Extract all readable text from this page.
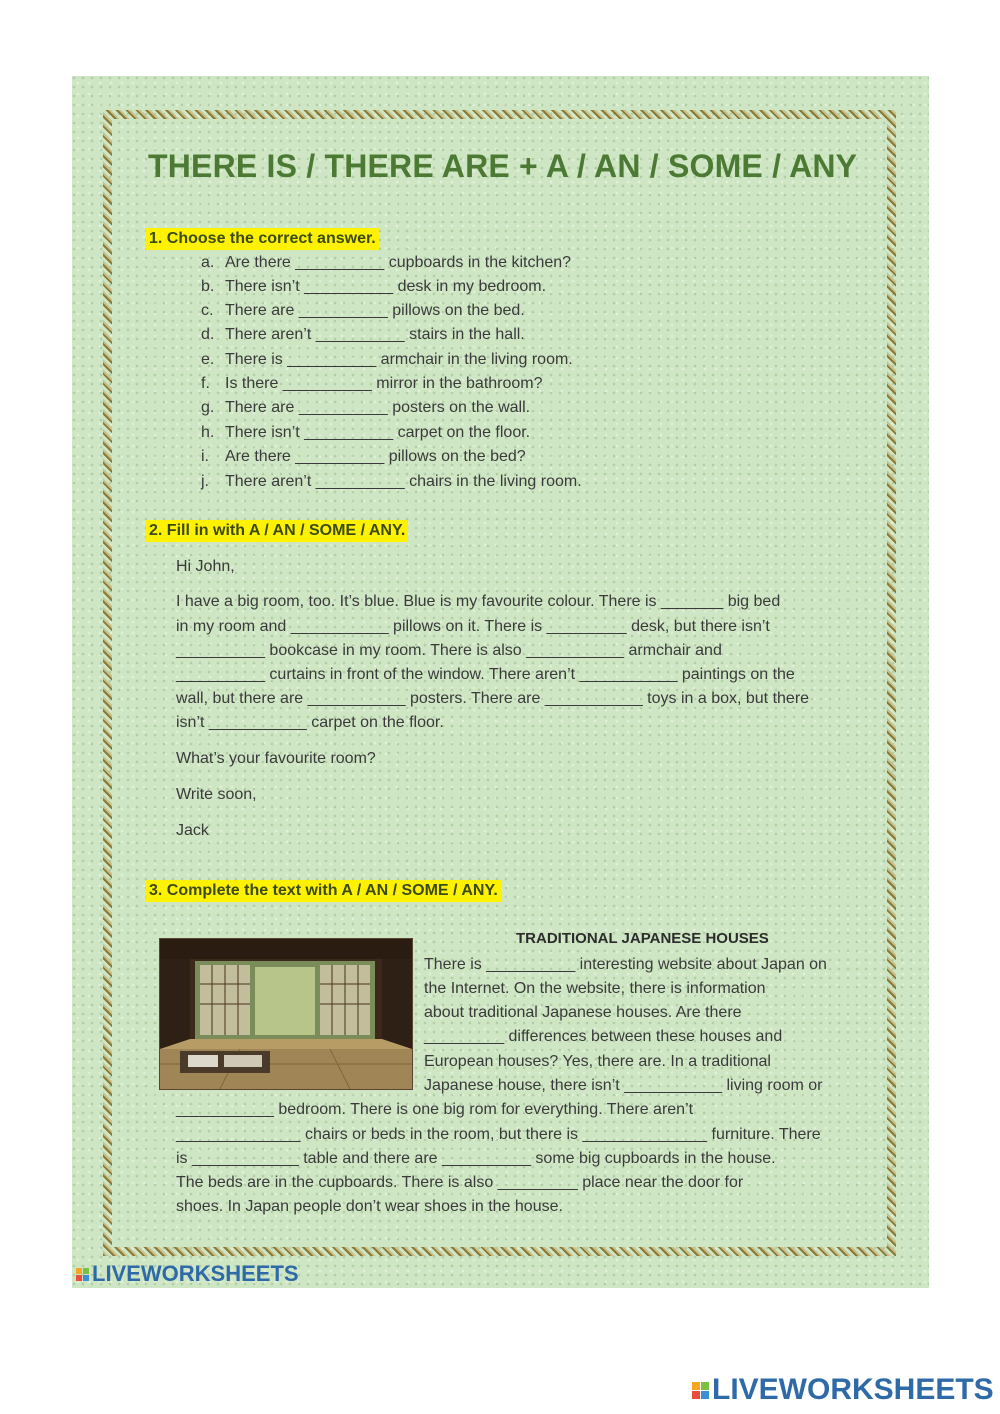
THERE IS / THERE ARE + A / AN / SOME / ANY
1. Choose the correct answer.
a. Are there __________ cupboards in the kitchen?
b. There isn’t __________ desk in my bedroom.
c. There are __________ pillows on the bed.
d. There aren’t __________ stairs in the hall.
e. There is __________ armchair in the living room.
f. Is there __________ mirror in the bathroom?
g. There are __________ posters on the wall.
h. There isn’t __________ carpet on the floor.
i. Are there __________ pillows on the bed?
j. There aren’t __________ chairs in the living room.
2. Fill in with A / AN / SOME / ANY.
Hi John,
I have a big room, too. It’s blue. Blue is my favourite colour. There is _______ big bed
in my room and ___________ pillows on it. There is _________ desk, but there isn’t
__________ bookcase in my room. There is also ___________ armchair and
__________ curtains in front of the window. There aren’t ___________ paintings on the
wall, but there are ___________ posters. There are ___________ toys in a box, but there
isn’t ___________ carpet on the floor.
What’s your favourite room?
Write soon,
Jack
3. Complete the text with A / AN / SOME / ANY.
TRADITIONAL JAPANESE HOUSES
There is __________ interesting website about Japan on
the Internet. On the website, there is information
about traditional Japanese houses. Are there
_________ differences between these houses and
European houses? Yes, there are. In a traditional
Japanese house, there isn’t ___________ living room or
___________ bedroom. There is one big rom for everything. There aren’t
______________ chairs or beds in the room, but there is ______________ furniture. There
is ____________ table and there are __________ some big cupboards in the house.
The beds are in the cupboards. There is also _________ place near the door for
shoes. In Japan people don’t wear shoes in the house.
LIVEWORKSHEETS
LIVEWORKSHEETS
